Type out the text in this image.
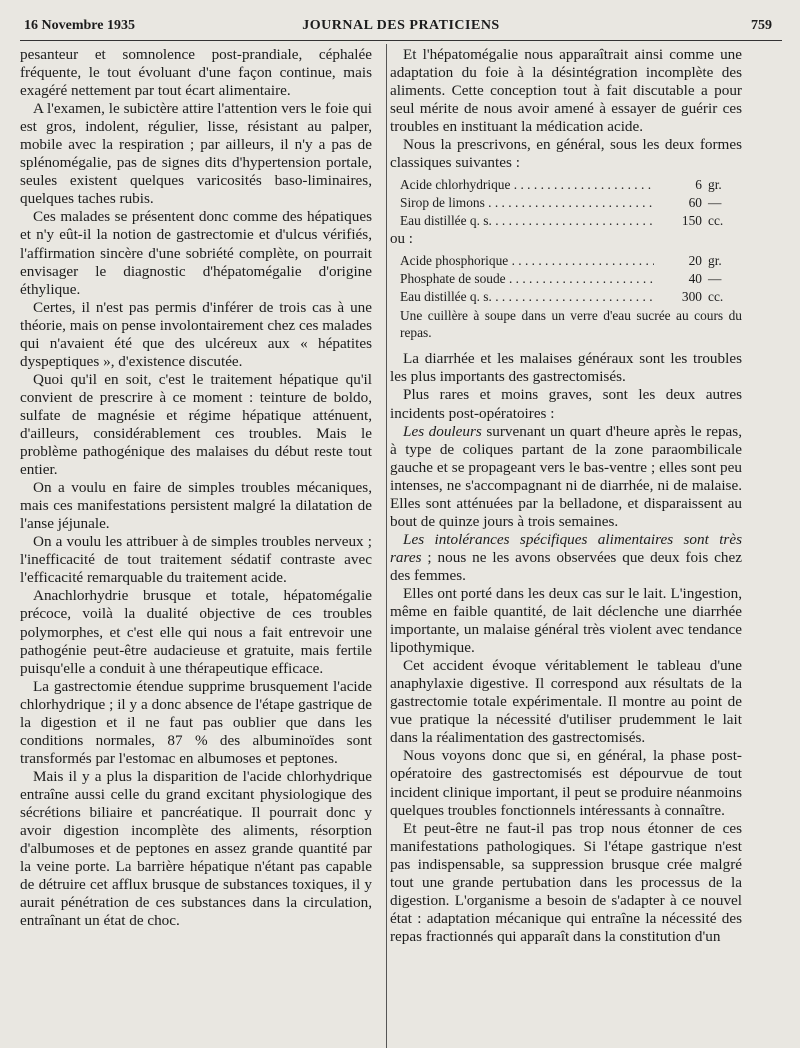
16 Novembre 1935	JOURNAL DES PRATICIENS	759

pesanteur et somnolence post-prandiale, céphalée fréquente, le tout évoluant d'une façon continue, mais exagéré nettement par tout écart alimentaire.

A l'examen, le subictère attire l'attention vers le foie qui est gros, indolent, régulier, lisse, résistant au palper, mobile avec la respiration ; par ailleurs, il n'y a pas de splénomégalie, pas de signes dits d'hypertension portale, seules existent quelques varicosités baso-liminaires, quelques taches rubis.

Ces malades se présentent donc comme des hépatiques et n'y eût-il la notion de gastrectomie et d'ulcus vérifiés, l'affirmation sincère d'une sobriété complète, on pourrait envisager le diagnostic d'hépatomégalie d'origine éthylique.

Certes, il n'est pas permis d'inférer de trois cas à une théorie, mais on pense involontairement chez ces malades qui n'avaient été que des ulcéreux aux « hépatites dyspeptiques », d'existence discutée.

Quoi qu'il en soit, c'est le traitement hépatique qu'il convient de prescrire à ce moment : teinture de boldo, sulfate de magnésie et régime hépatique atténuent, d'ailleurs, considérablement ces troubles. Mais le problème pathogénique des malaises du début reste tout entier.

On a voulu en faire de simples troubles mécaniques, mais ces manifestations persistent malgré la dilatation de l'anse jéjunale.

On a voulu les attribuer à de simples troubles nerveux ; l'inefficacité de tout traitement sédatif contraste avec l'efficacité remarquable du traitement acide.

Anachlorhydrie brusque et totale, hépatomégalie précoce, voilà la dualité objective de ces troubles polymorphes, et c'est elle qui nous a fait entrevoir une pathogénie peut-être audacieuse et gratuite, mais fertile puisqu'elle a conduit à une thérapeutique efficace.

La gastrectomie étendue supprime brusquement l'acide chlorhydrique ; il y a donc absence de l'étape gastrique de la digestion et il ne faut pas oublier que dans les conditions normales, 87 % des albuminoïdes sont transformés par l'estomac en albumoses et peptones.

Mais il y a plus la disparition de l'acide chlorhydrique entraîne aussi celle du grand excitant physiologique des sécrétions biliaire et pancréatique. Il pourrait donc y avoir digestion incomplète des aliments, résorption d'albumoses et de peptones en assez grande quantité par la veine porte. La barrière hépatique n'étant pas capable de détruire cet afflux brusque de substances toxiques, il y aurait pénétration de ces substances dans la circulation, entraînant un état de choc.

Et l'hépatomégalie nous apparaîtrait ainsi comme une adaptation du foie à la désintégration incomplète des aliments. Cette conception tout à fait discutable a pour seul mérite de nous avoir amené à essayer de guérir ces troubles en instituant la médication acide.

Nous la prescrivons, en général, sous les deux formes classiques suivantes :

Acide chlorhydrique . . .	6 gr.
Sirop de limons . . .	60 —
Eau distillée q. s. . . .	150 cc.

ou :

Acide phosphorique . . .	20 gr.
Phosphate de soude . . .	40 —
Eau distillée q. s. . . .	300 cc.

Une cuillère à soupe dans un verre d'eau sucrée au cours du repas.

La diarrhée et les malaises généraux sont les troubles les plus importants des gastrectomisés.

Plus rares et moins graves, sont les deux autres incidents post-opératoires :

Les douleurs survenant un quart d'heure après le repas, à type de coliques partant de la zone paraombilicale gauche et se propageant vers le bas-ventre ; elles sont peu intenses, ne s'accompagnant ni de diarrhée, ni de malaise. Elles sont atténuées par la belladone, et disparaissent au bout de quinze jours à trois semaines.

Les intolérances spécifiques alimentaires sont très rares ; nous ne les avons observées que deux fois chez des femmes.

Elles ont porté dans les deux cas sur le lait. L'ingestion, même en faible quantité, de lait déclenche une diarrhée importante, un malaise général très violent avec tendance lipothymique.

Cet accident évoque véritablement le tableau d'une anaphylaxie digestive. Il correspond aux résultats de la gastrectomie totale expérimentale. Il montre au point de vue pratique la nécessité d'utiliser prudemment le lait dans la réalimentation des gastrectomisés.

Nous voyons donc que si, en général, la phase post-opératoire des gastrectomisés est dépourvue de tout incident clinique important, il peut se produire néanmoins quelques troubles fonctionnels intéressants à connaître.

Et peut-être ne faut-il pas trop nous étonner de ces manifestations pathologiques. Si l'étape gastrique n'est pas indispensable, sa suppression brusque crée malgré tout une grande pertubation dans les processus de la digestion. L'organisme a besoin de s'adapter à ce nouvel état : adaptation mécanique qui entraîne la nécessité des repas fractionnés qui apparaît dans la constitution d'un
